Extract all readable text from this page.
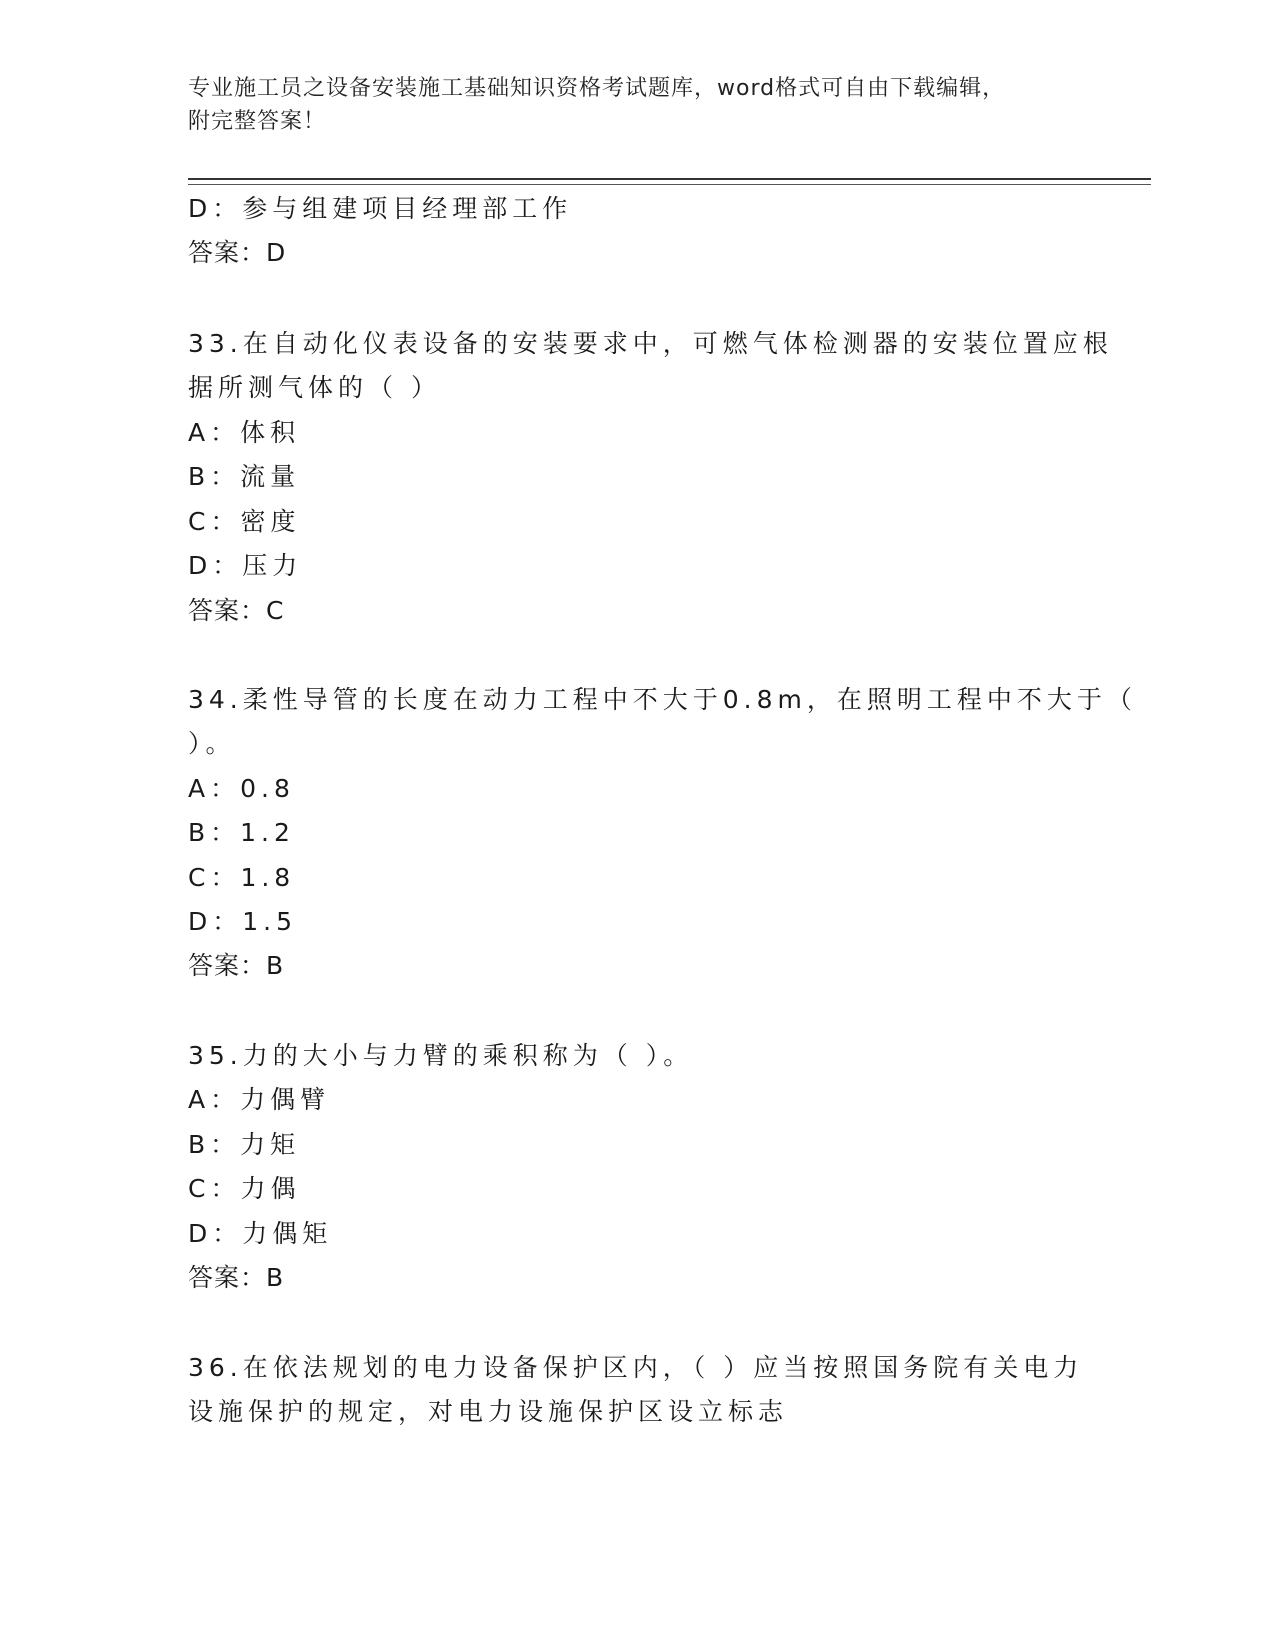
专业施工员之设备安装施工基础知识资格考试题库，word格式可自由下载编辑，
附完整答案！
D：参与组建项目经理部工作
答案：D
33.在自动化仪表设备的安装要求中，可燃气体检测器的安装位置应根
据所测气体的（ ）
A：体积
B：流量
C：密度
D：压力
答案：C
34.柔性导管的长度在动力工程中不大于0.8m，在照明工程中不大于（
）。
A：0.8
B：1.2
C：1.8
D：1.5
答案：B
35.力的大小与力臂的乘积称为（ ）。
A：力偶臂
B：力矩
C：力偶
D：力偶矩
答案：B
36.在依法规划的电力设备保护区内，（ ）应当按照国务院有关电力
设施保护的规定，对电力设施保护区设立标志
